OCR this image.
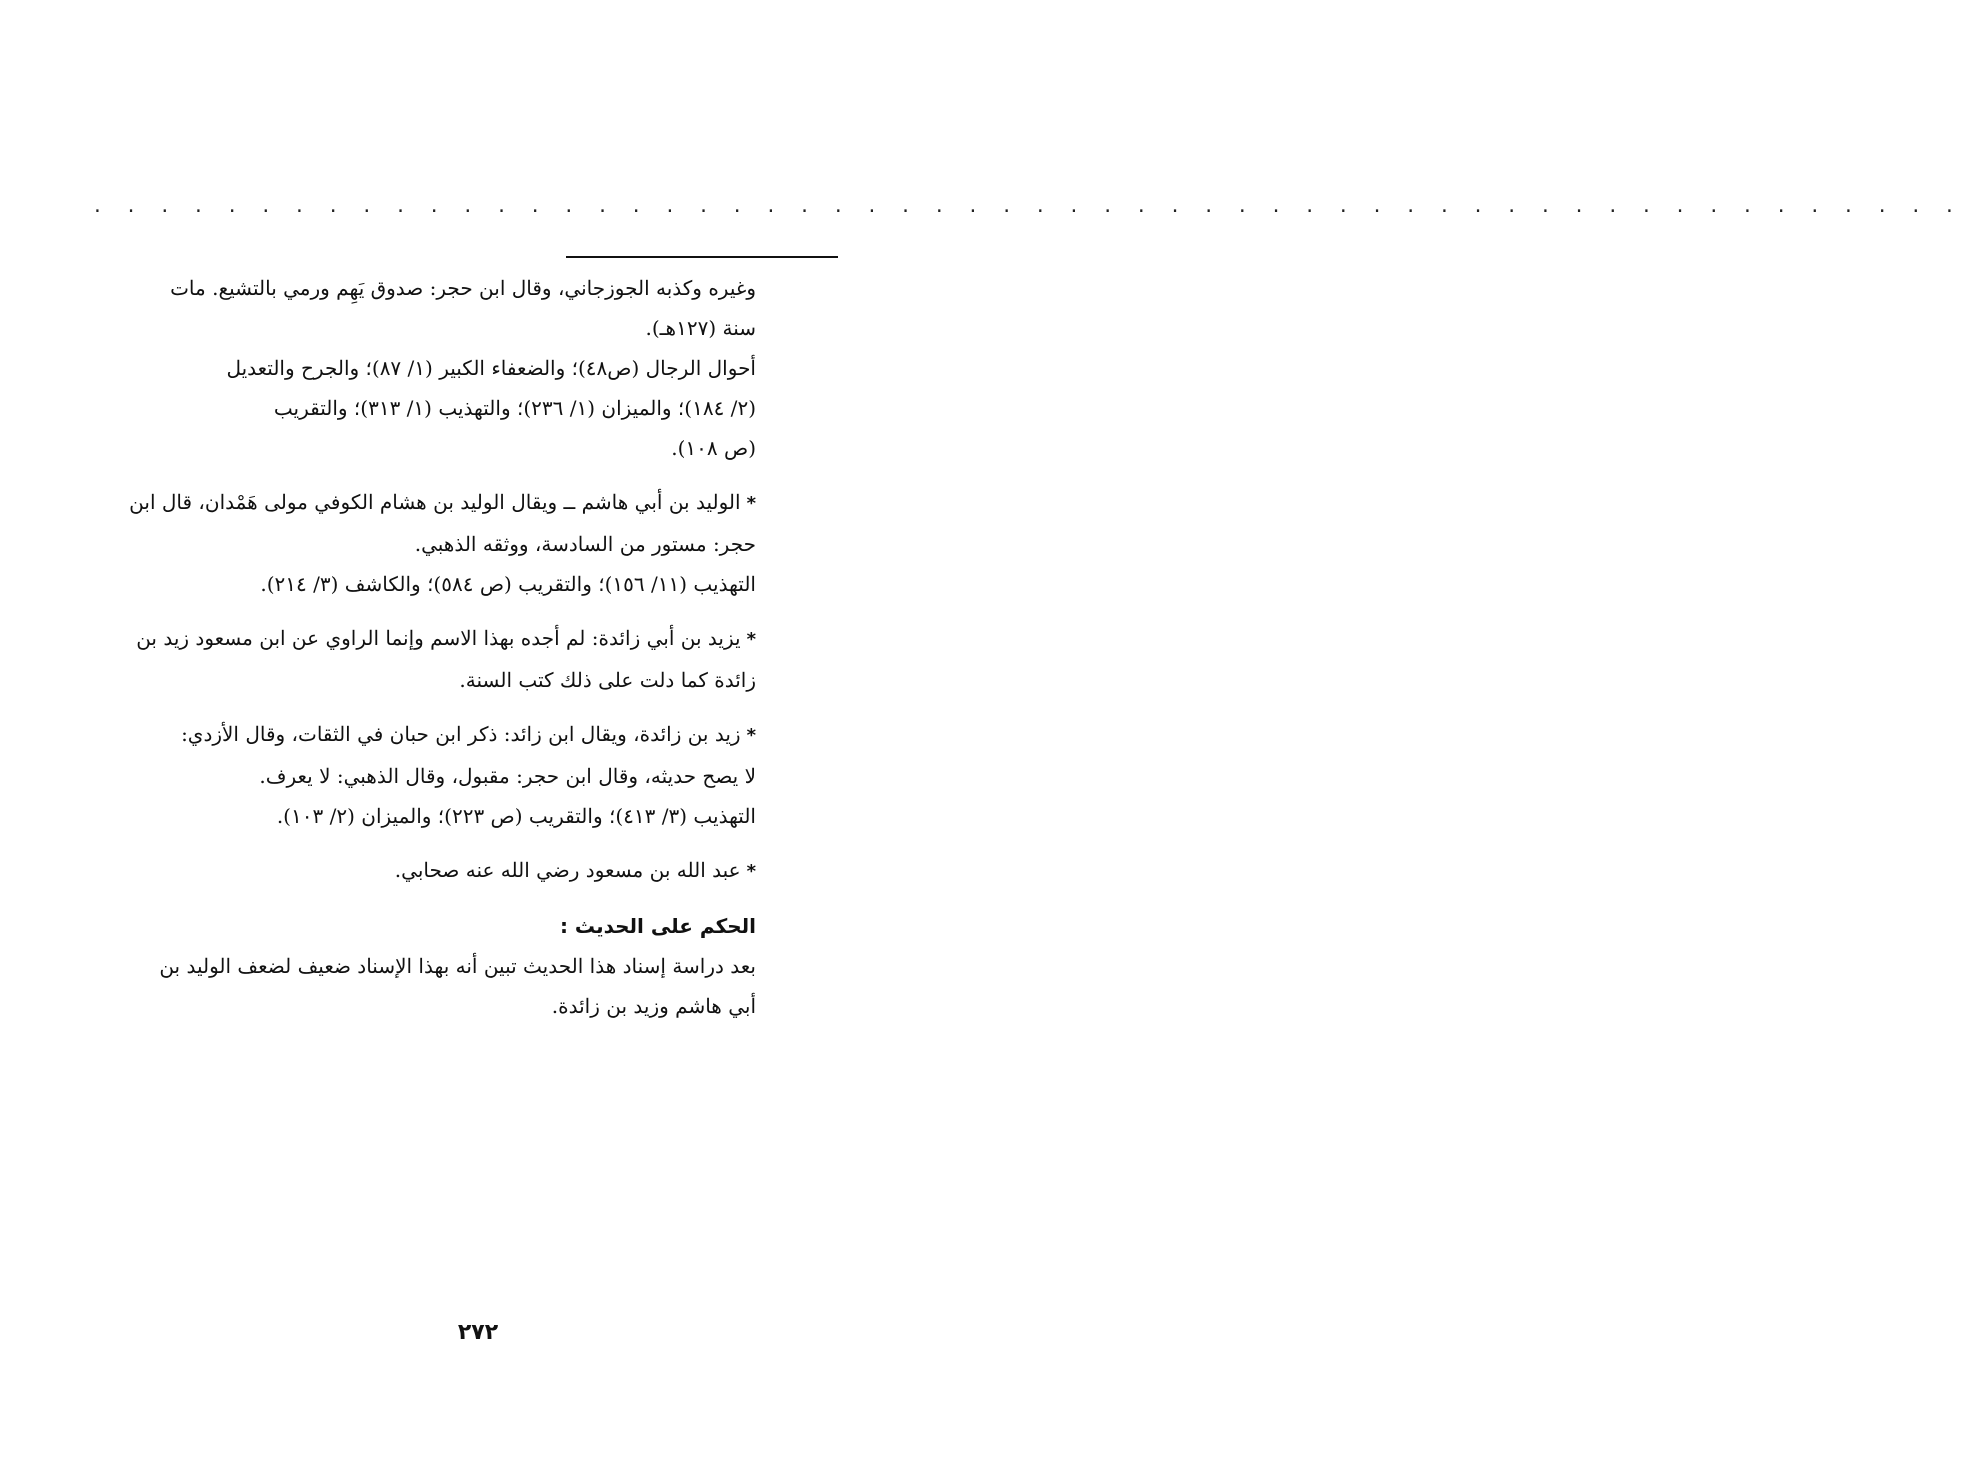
. . . . . . . . . . . . . . . . . . . . . . . . . . . . . . . . . . . . . . . . . . . . . . . . . . . . . . . .

وغيره وكذبه الجوزجاني، وقال ابن حجر: صدوق يَهِم ورمي بالتشيع. مات

سنة (١٢٧هـ).

أحوال الرجال (ص٤٨)؛ والضعفاء الكبير (١/ ٨٧)؛ والجرح والتعديل

(٢/ ١٨٤)؛ والميزان (١/ ٢٣٦)؛ والتهذيب (١/ ٣١٣)؛ والتقريب

(ص ١٠٨).

*الوليد بن أبي هاشم ــ ويقال الوليد بن هشام الكوفي مولى هَمْدان، قال ابن

حجر: مستور من السادسة، ووثقه الذهبي.

التهذيب (١١/ ١٥٦)؛ والتقريب (ص ٥٨٤)؛ والكاشف (٣/ ٢١٤).

*يزيد بن أبي زائدة: لم أجده بهذا الاسم وإنما الراوي عن ابن مسعود زيد بن

زائدة كما دلت على ذلك كتب السنة.

*زيد بن زائدة، ويقال ابن زائد: ذكر ابن حبان في الثقات، وقال الأزدي:

لا يصح حديثه، وقال ابن حجر: مقبول، وقال الذهبي: لا يعرف.

التهذيب (٣/ ٤١٣)؛ والتقريب (ص ٢٢٣)؛ والميزان (٢/ ١٠٣).

*عبد الله بن مسعود رضي الله عنه صحابي.

الحكم على الحديث :

بعد دراسة إسناد هذا الحديث تبين أنه بهذا الإسناد ضعيف لضعف الوليد بن

أبي هاشم وزيد بن زائدة.

٢٧٢
